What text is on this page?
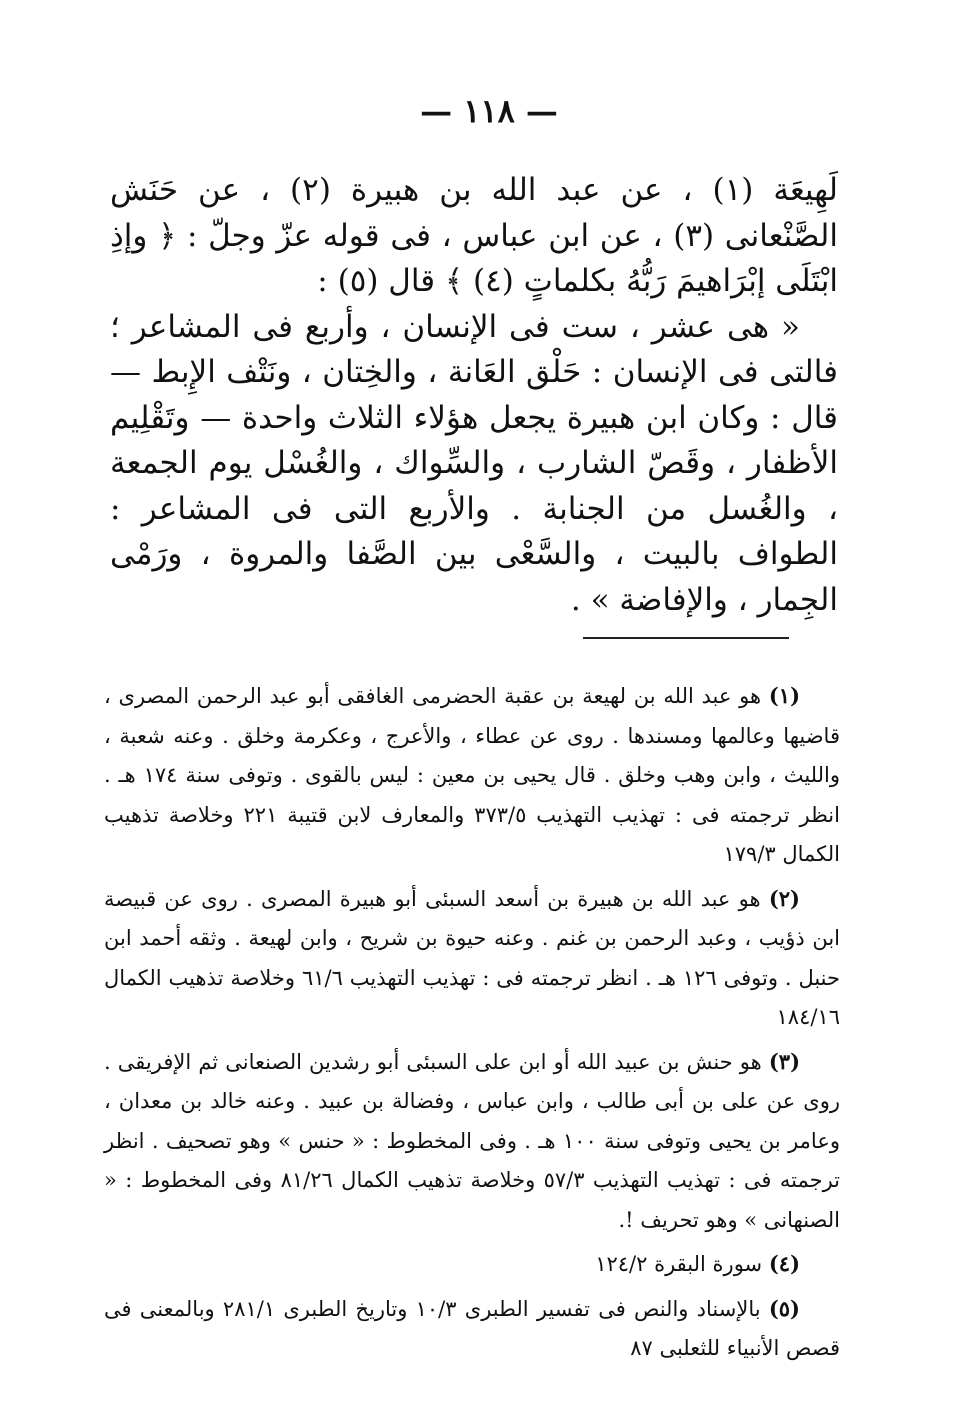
— ١١٨ —

لَهِيعَة (١) ، عن عبد الله بن هبيرة (٢) ، عن حَنَش الصَّنْعانى (٣) ، عن ابن عباس ، فى قوله عزّ وجلّ : ﴿ وإذِ ابْتَلَى إبْرَاهيمَ رَبُّهُ بكلماتٍ (٤) ﴾ قال (٥) :

« هى عشر ، ست فى الإنسان ، وأربع فى المشاعر ؛ فالتى فى الإنسان : حَلْق العَانة ، والخِتان ، ونَتْف الإِبط — قال : وكان ابن هبيرة يجعل هؤلاء الثلاث واحدة — وتَقْلِيم الأظفار ، وقَصّ الشارب ، والسِّواك ، والغُسْل يوم الجمعة ، والغُسل من الجنابة . والأربع التى فى المشاعر : الطواف بالبيت ، والسَّعْى بين الصَّفا والمروة ، ورَمْى الجِمار ، والإفاضة » .

(١) هو عبد الله بن لهيعة بن عقبة الحضرمى الغافقى أبو عبد الرحمن المصرى ، قاضيها وعالمها ومسندها . روى عن عطاء ، والأعرج ، وعكرمة وخلق . وعنه شعبة ، والليث ، وابن وهب وخلق . قال يحيى بن معين : ليس بالقوى . وتوفى سنة ١٧٤ هـ . انظر ترجمته فى : تهذيب التهذيب ٣٧٣/٥ والمعارف لابن قتيبة ٢٢١ وخلاصة تذهيب الكمال ١٧٩/٣

(٢) هو عبد الله بن هبيرة بن أسعد السبئى أبو هبيرة المصرى . روى عن قبيصة ابن ذؤيب ، وعبد الرحمن بن غنم . وعنه حيوة بن شريح ، وابن لهيعة . وثقه أحمد ابن حنبل . وتوفى ١٢٦ هـ . انظر ترجمته فى : تهذيب التهذيب ٦١/٦ وخلاصة تذهيب الكمال ١٨٤/١٦

(٣) هو حنش بن عبيد الله أو ابن على السبئى أبو رشدين الصنعانى ثم الإفريقى . روى عن على بن أبى طالب ، وابن عباس ، وفضالة بن عبيد . وعنه خالد بن معدان ، وعامر بن يحيى وتوفى سنة ١٠٠ هـ . وفى المخطوط : « حنس » وهو تصحيف . انظر ترجمته فى : تهذيب التهذيب ٥٧/٣ وخلاصة تذهيب الكمال ٨١/٢٦ وفى المخطوط : « الصنهانى » وهو تحريف !.

(٤) سورة البقرة ١٢٤/٢

(٥) بالإسناد والنص فى تفسير الطبرى ١٠/٣ وتاريخ الطبرى ٢٨١/١ وبالمعنى فى قصص الأنبياء للثعلبى ٨٧
